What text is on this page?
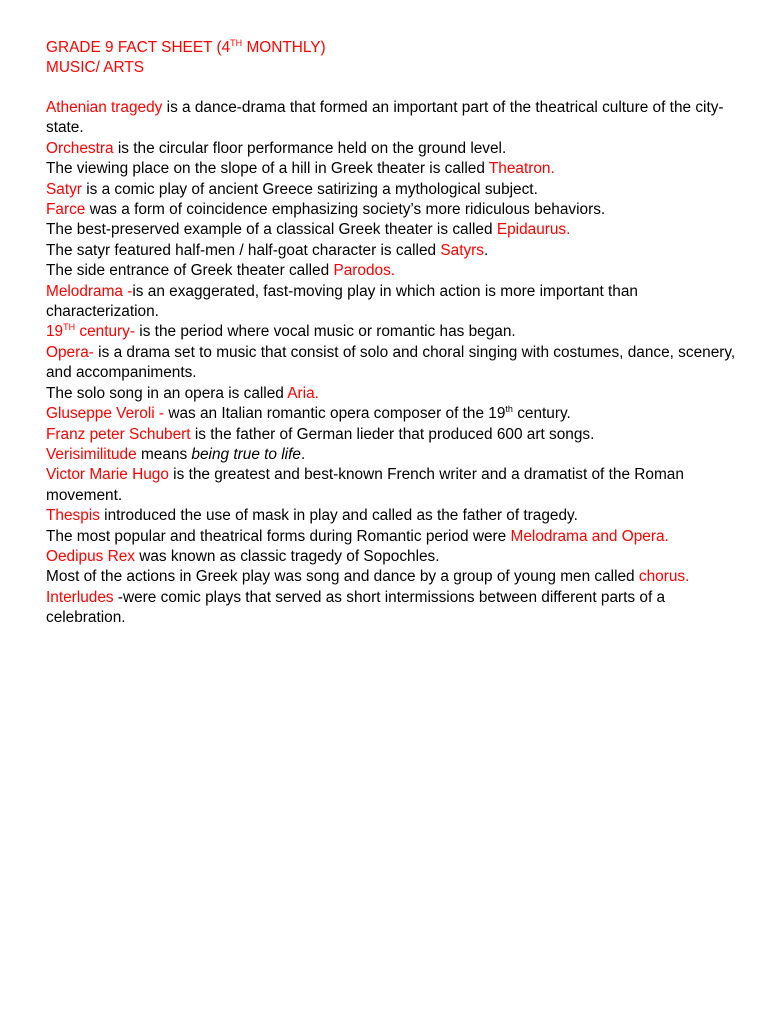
GRADE 9 FACT SHEET (4TH MONTHLY)
MUSIC/ ARTS

Athenian tragedy is a dance-drama that formed an important part of the theatrical culture of the city-state.

Orchestra is the circular floor performance held on the ground level.

The viewing place on the slope of a hill in Greek theater is called Theatron.

Satyr is a comic play of ancient Greece satirizing a mythological subject.

Farce was a form of coincidence emphasizing society’s more ridiculous behaviors.

The best-preserved example of a classical Greek theater is called Epidaurus.

The satyr featured half-men / half-goat character is called Satyrs.

The side entrance of Greek theater called Parodos.

Melodrama -is an exaggerated, fast-moving play in which action is more important than characterization.

19TH century- is the period where vocal music or romantic has began.

Opera- is a drama set to music that consist of solo and choral singing with costumes, dance, scenery, and accompaniments.

The solo song in an opera is called Aria.

Gluseppe Veroli - was an Italian romantic opera composer of the 19th century.

Franz peter Schubert is the father of German lieder that produced 600 art songs.

Verisimilitude means being true to life.

Victor Marie Hugo is the greatest and best-known French writer and a dramatist of the Roman movement.

Thespis introduced the use of mask in play and called as the father of tragedy.

The most popular and theatrical forms during Romantic period were Melodrama and Opera.

Oedipus Rex was known as classic tragedy of Sopochles.

Most of the actions in Greek play was song and dance by a group of young men called chorus.

Interludes -were comic plays that served as short intermissions between different parts of a celebration.
